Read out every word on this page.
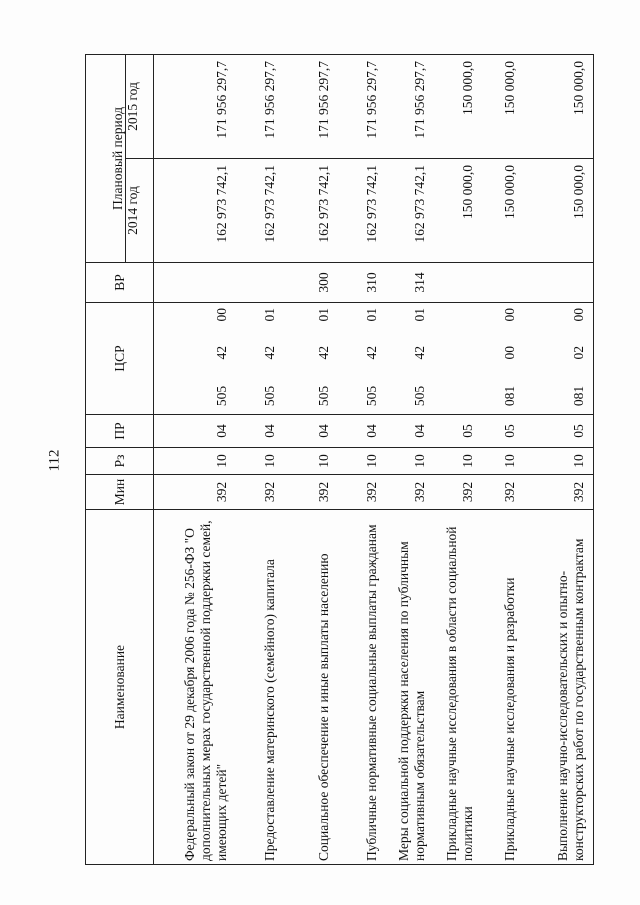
112
Наименование	Мин	Рз	ПР	ЦСР	ВР	Плановый период	
						2014 год	2015 год
Федеральный закон от 29 декабря 2006 года № 256-ФЗ "О дополнительных мерах государственной поддержки семей, имеющих детей"	392	10	04	5054200		162 973 742,1	171 956 297,7
Предоставление материнского (семейного) капитала	392	10	04	5054201		162 973 742,1	171 956 297,7
Социальное обеспечение и иные выплаты населению	392	10	04	5054201	300	162 973 742,1	171 956 297,7
Публичные нормативные социальные выплаты гражданам	392	10	04	5054201	310	162 973 742,1	171 956 297,7
Меры социальной поддержки населения по публичным нормативным обязательствам	392	10	04	5054201	314	162 973 742,1	171 956 297,7
Прикладные научные исследования в области социальной политики	392	10	05			150 000,0	150 000,0
Прикладные научные исследования и разработки	392	10	05	0810000		150 000,0	150 000,0
Выполнение научно-исследовательских и опытно-конструкторских работ по государственным контрактам	392	10	05	0810200		150 000,0	150 000,0
